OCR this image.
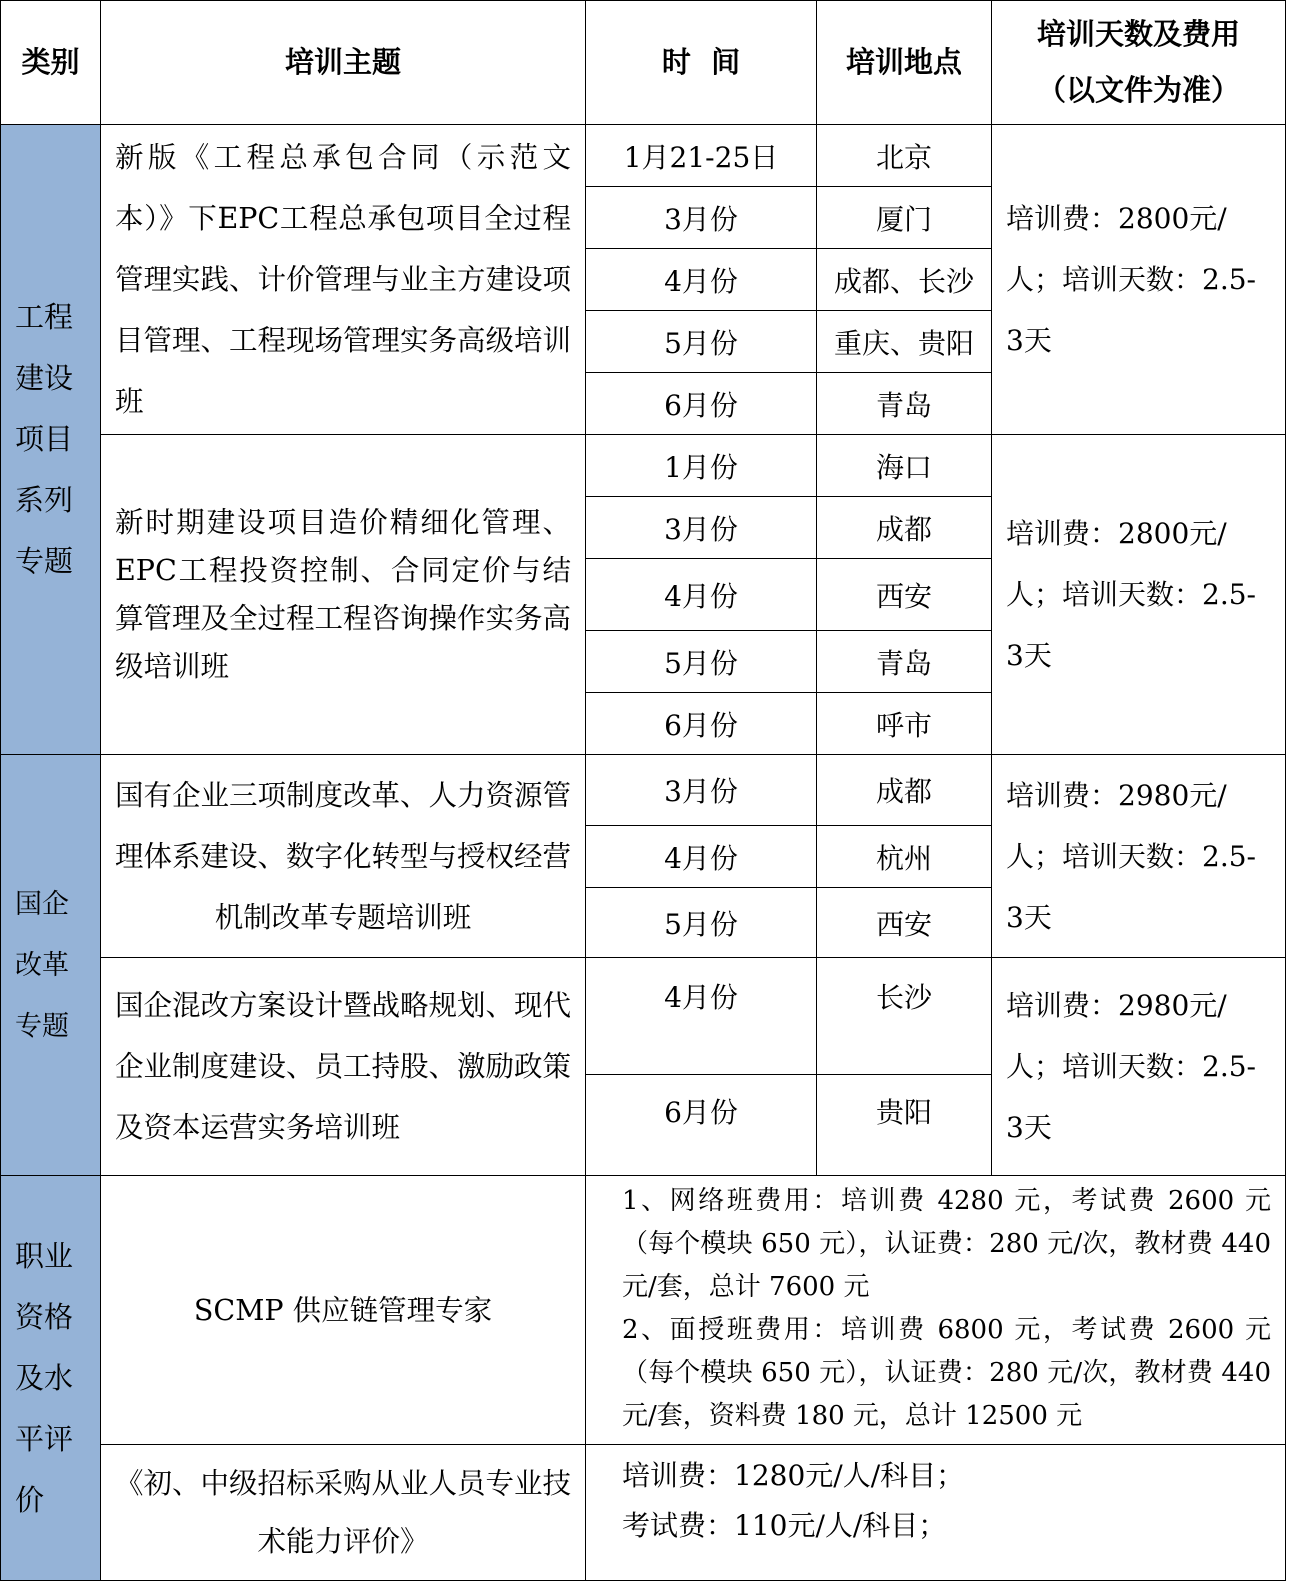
类别	培训主题	时  间	培训地点	培训天数及费用
（以文件为准）

工程建设项目系列专题	新版《工程总承包合同（示范文本）》下EPC工程总承包项目全过程管理实践、计价管理与业主方建设项目管理、工程现场管理实务高级培训班	1月21-25日	北京	培训费：2800元/人；培训天数：2.5-3天
		3月份	厦门	
		4月份	成都、长沙	
		5月份	重庆、贵阳	
		6月份	青岛	
	新时期建设项目造价精细化管理、EPC工程投资控制、合同定价与结算管理及全过程工程咨询操作实务高级培训班	1月份	海口	培训费：2800元/人；培训天数：2.5-3天
		3月份	成都	
		4月份	西安	
		5月份	青岛	
		6月份	呼市	
国企改革专题	国有企业三项制度改革、人力资源管理体系建设、数字化转型与授权经营机制改革专题培训班	3月份	成都	培训费：2980元/人；培训天数：2.5-3天
		4月份	杭州	
		5月份	西安	
	国企混改方案设计暨战略规划、现代企业制度建设、员工持股、激励政策及资本运营实务培训班	4月份	长沙	培训费：2980元/人；培训天数：2.5-3天
		6月份	贵阳	
职业资格及水平评价	SCMP 供应链管理专家	1、网络班费用：培训费 4280 元，考试费 2600 元（每个模块 650 元），认证费：280 元/次，教材费 440 元/套，总计 7600 元
2、面授班费用：培训费 6800 元，考试费 2600 元（每个模块 650 元），认证费：280 元/次，教材费 440 元/套，资料费 180 元，总计 12500 元		

	《初、中级招标采购从业人员专业技术能力评价》	培训费：1280元/人/科目；
考试费：110元/人/科目；		
